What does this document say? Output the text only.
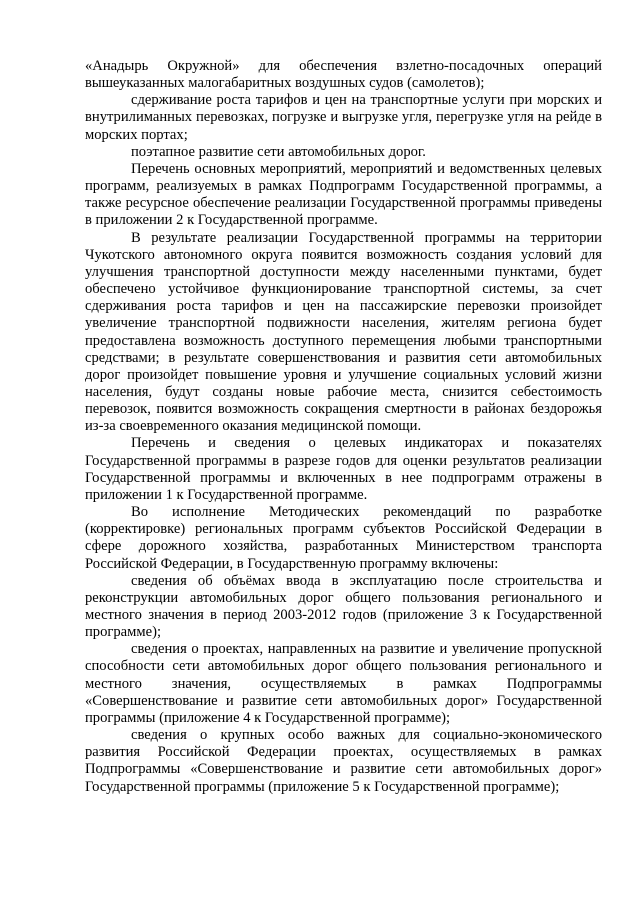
«Анадырь Окружной» для обеспечения взлетно-посадочных операций вышеуказанных малогабаритных воздушных судов (самолетов);

сдерживание роста тарифов и цен на транспортные услуги при морских и внутрилиманных перевозках, погрузке и выгрузке угля, перегрузке угля на рейде в морских портах;

поэтапное развитие сети автомобильных дорог.

Перечень основных мероприятий, мероприятий и ведомственных целевых программ, реализуемых в рамках Подпрограмм Государственной программы, а также ресурсное обеспечение реализации Государственной программы приведены в приложении 2 к Государственной программе.

В результате реализации Государственной программы на территории Чукотского автономного округа появится возможность создания условий для улучшения транспортной доступности между населенными пунктами, будет обеспечено устойчивое функционирование транспортной системы, за счет сдерживания роста тарифов и цен на пассажирские перевозки произойдет увеличение транспортной подвижности населения, жителям региона будет предоставлена возможность доступного перемещения любыми транспортными средствами; в результате совершенствования и развития сети автомобильных дорог произойдет повышение уровня и улучшение социальных условий жизни населения, будут созданы новые рабочие места, снизится себестоимость перевозок, появится возможность сокращения смертности в районах бездорожья из-за своевременного оказания медицинской помощи.

Перечень и сведения о целевых индикаторах и показателях Государственной программы в разрезе годов для оценки результатов реализации Государственной программы и включенных в нее подпрограмм отражены в приложении 1 к Государственной программе.

Во исполнение Методических рекомендаций по разработке (корректировке) региональных программ субъектов Российской Федерации в сфере дорожного хозяйства, разработанных Министерством транспорта Российской Федерации, в Государственную программу включены:

сведения об объёмах ввода в эксплуатацию после строительства и реконструкции автомобильных дорог общего пользования регионального и местного значения в период 2003-2012 годов (приложение 3 к Государственной программе);

сведения о проектах, направленных на развитие и увеличение пропускной способности сети автомобильных дорог общего пользования регионального и местного значения, осуществляемых в рамках Подпрограммы «Совершенствование и развитие сети автомобильных дорог» Государственной программы (приложение 4 к Государственной программе);

сведения о крупных особо важных для социально-экономического развития Российской Федерации проектах, осуществляемых в рамках Подпрограммы «Совершенствование и развитие сети автомобильных дорог» Государственной программы (приложение 5 к Государственной программе);
